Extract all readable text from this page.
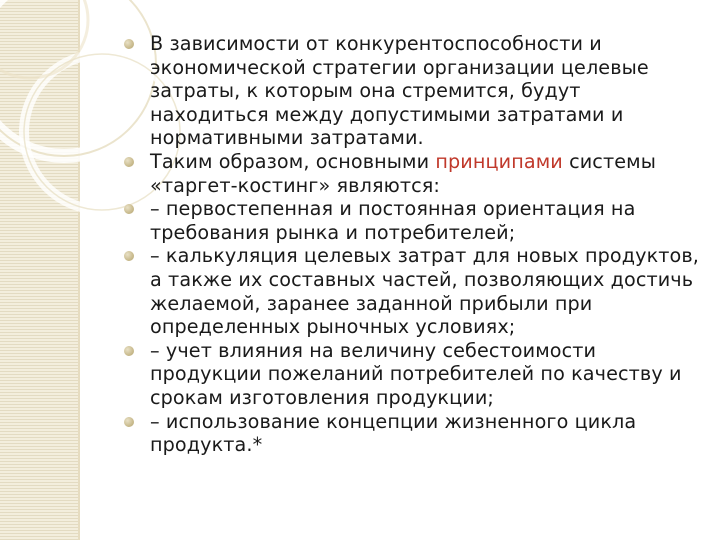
В зависимости от конкурентоспособности и экономической стратегии организации целевые затраты, к которым она стремится, будут находиться между допустимыми затратами и нормативными затратами.
Таким образом, основными принципами системы «таргет-костинг» являются:
– первостепенная и постоянная ориентация на требования рынка и потребителей;
– калькуляция целевых затрат для новых продуктов, а также их составных частей, позволяющих достичь желаемой, заранее заданной прибыли при определенных рыночных условиях;
– учет влияния на величину себестоимости продукции пожеланий потребителей по качеству и срокам изготовления продукции;
– использование концепции жизненного цикла продукта.*
